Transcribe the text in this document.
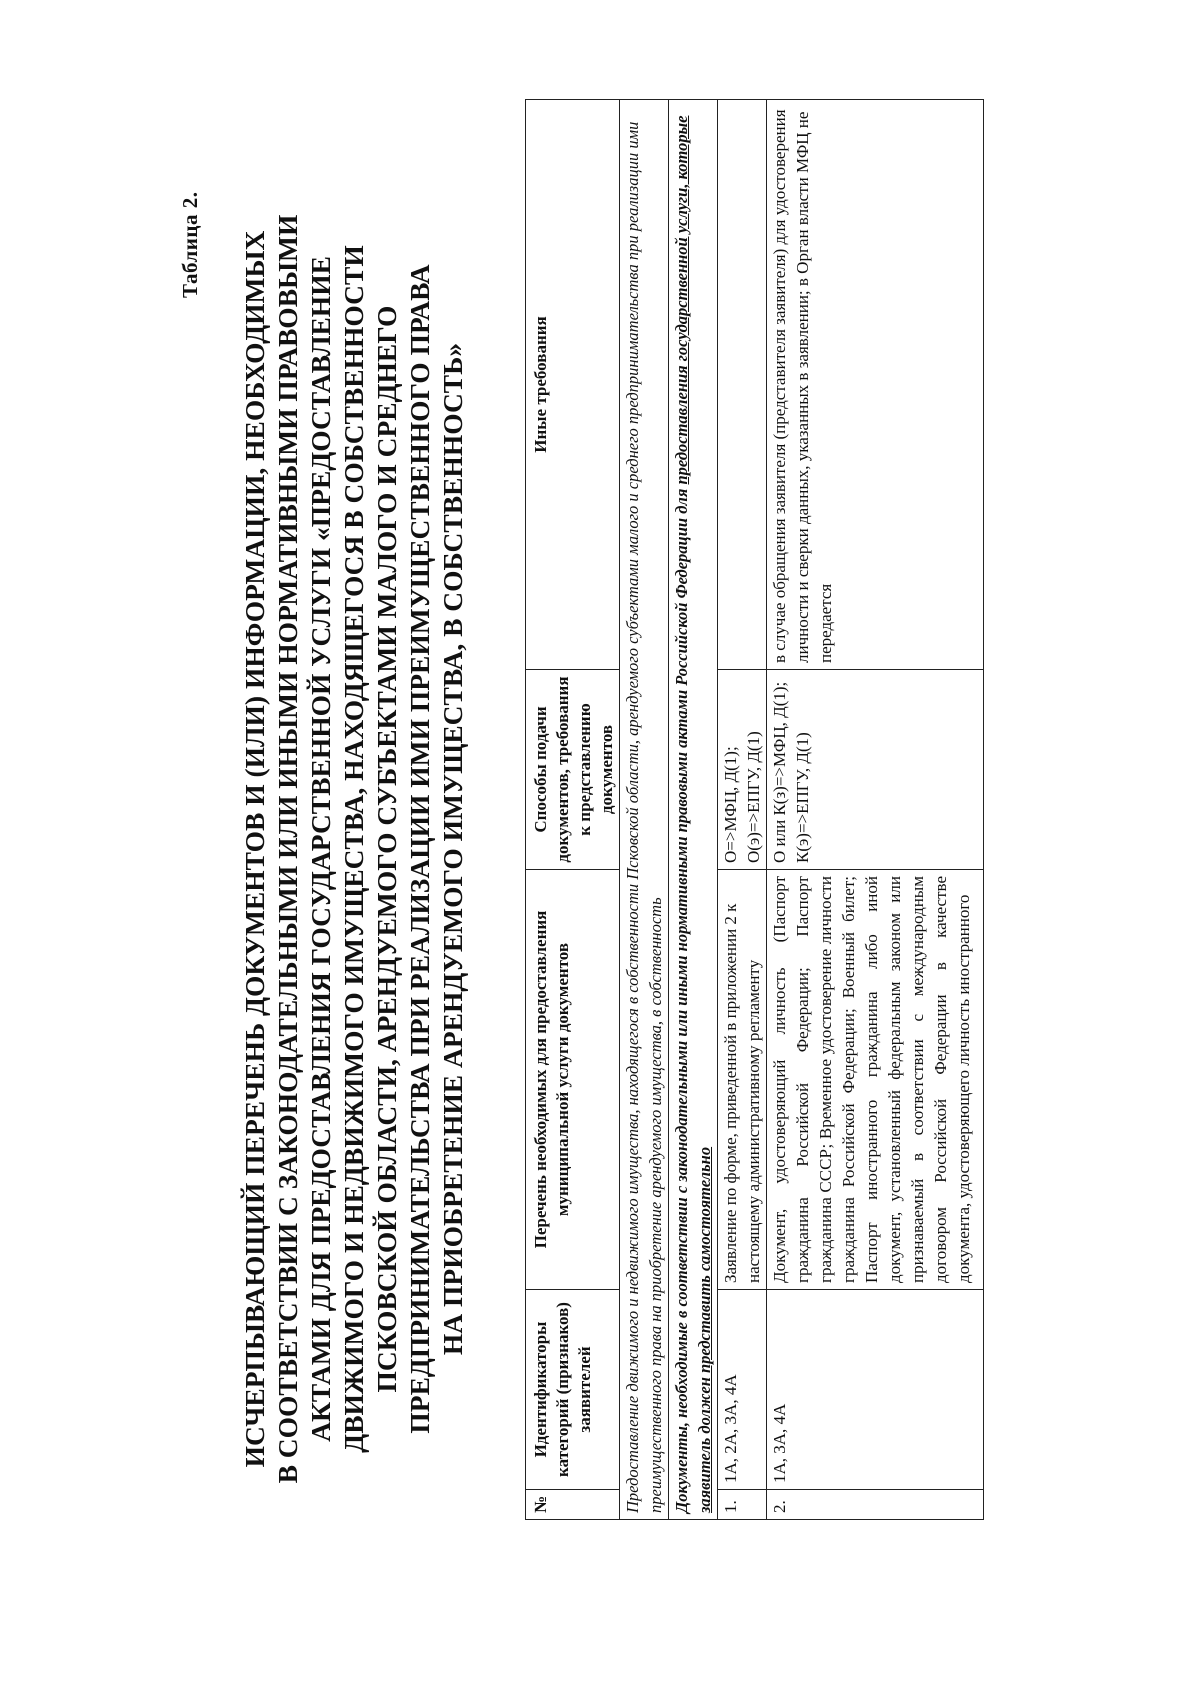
Таблица 2. ИСЧЕРПЫВАЮЩИЙ ПЕРЕЧЕНЬ ДОКУМЕНТОВ И (ИЛИ) ИНФОРМАЦИИ, НЕОБХОДИМЫХ В СООТВЕТСТВИИ С ЗАКОНОДАТЕЛЬНЫМИ ИЛИ ИНЫМИ НОРМАТИВНЫМИ ПРАВОВЫМИ АКТАМИ ДЛЯ ПРЕДОСТАВЛЕНИЯ ГОСУДАРСТВЕННОЙ УСЛУГИ «ПРЕДОСТАВЛЕНИЕ ДВИЖИМОГО И НЕДВИЖИМОГО ИМУЩЕСТВА, НАХОДЯЩЕГОСЯ В СОБСТВЕННОСТИ ПСКОВСКОЙ ОБЛАСТИ, АРЕНДУЕМОГО СУБЪЕКТАМИ МАЛОГО И СРЕДНЕГО ПРЕДПРИНИМАТЕЛЬСТВА ПРИ РЕАЛИЗАЦИИ ИМИ ПРЕИМУЩЕСТВЕННОГО ПРАВА НА ПРИОБРЕТЕНИЕ АРЕНДУЕМОГО ИМУЩЕСТВА, В СОБСТВЕННОСТЬ»
№	Идентификаторы категорий (признаков) заявителей	Перечень необходимых для предоставления муниципальной услуги документов	Способы подачи документов, требования к представлению документов	Иные требования
Предоставление движимого и недвижимого имущества, находящегося в собственности Псковской области, арендуемого субъектами малого и среднего предпринимательства при реализации ими преимущественного права на приобретение арендуемого имущества, в собственность				
Документы, необходимые в соответствии с законодательными или иными нормативными правовыми актами Российской Федерации для предоставления государственной услуги, которые заявитель должен представить самостоятельно				
1.	1А, 2А, 3А, 4А	Заявление по форме, приведенной в приложении 2 к настоящему административному регламенту	О=>МФЦ, Д(1); О(э)=>ЕПГУ, Д(1)	
2.	1А, 3А, 4А	Документ, удостоверяющий личность (Паспорт гражданина Российской Федерации; Паспорт гражданина СССР; Временное удостоверение личности гражданина Российской Федерации; Военный билет; Паспорт иностранного гражданина либо иной документ, установленный федеральным законом или признаваемый в соответствии с международным договором Российской Федерации в качестве документа, удостоверяющего личность иностранного	О или К(з)=>МФЦ, Д(1); К(э)=>ЕПГУ, Д(1)	в случае обращения заявителя (представителя заявителя) для удостоверения личности и сверки данных, указанных в заявлении; в Орган власти МФЦ не передается
